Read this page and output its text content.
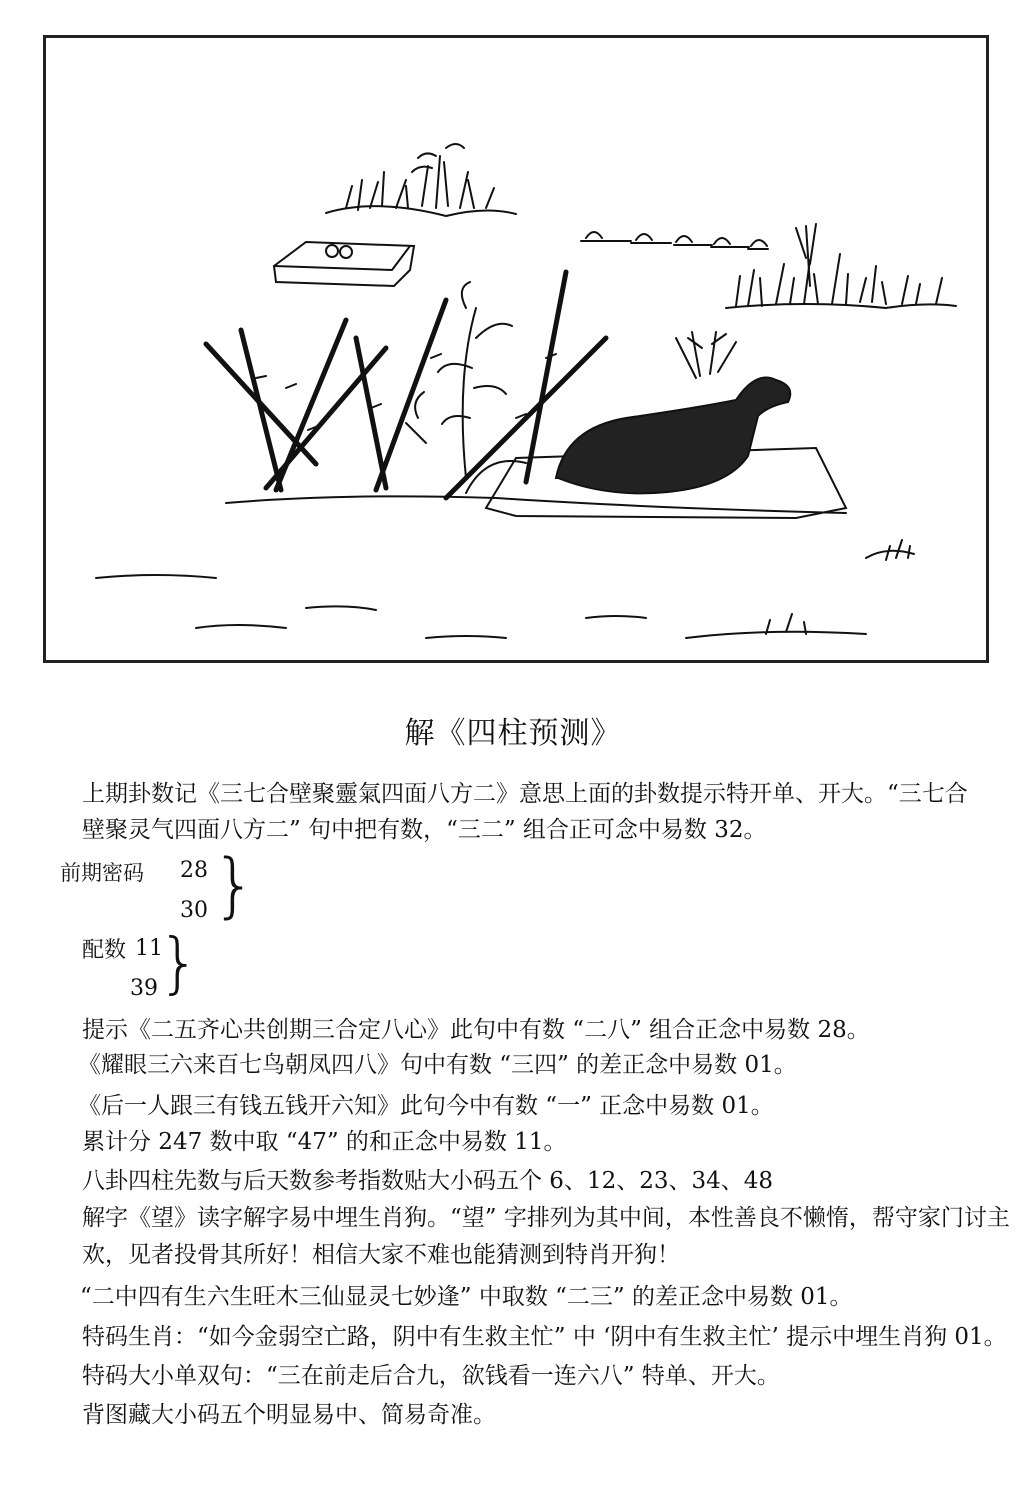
解《四柱预测》
上期卦数记《三七合壁聚靈氣四面八方二》意思上面的卦数提示特开单、开大。“三七合
壁聚灵气四面八方二” 句中把有数，“三二” 组合正可念中易数 32。
前期密码 28
30 }
配数 11
39 }
提示《二五齐心共创期三合定八心》此句中有数 “二八” 组合正念中易数 28。
《耀眼三六来百七鸟朝凤四八》句中有数 “三四” 的差正念中易数 01。
《后一人跟三有钱五钱开六知》此句今中有数 “一” 正念中易数 01。
累计分 247 数中取 “47” 的和正念中易数 11。
八卦四柱先数与后天数参考指数贴大小码五个 6、12、23、34、48
解字《望》读字解字易中埋生肖狗。“望” 字排列为其中间，本性善良不懒惰，帮守家门讨主
欢，见者投骨其所好！相信大家不难也能猜测到特肖开狗！
“二中四有生六生旺木三仙显灵七妙逢” 中取数 “二三” 的差正念中易数 01。
特码生肖：“如今金弱空亡路，阴中有生救主忙” 中 ‘阴中有生救主忙’ 提示中埋生肖狗 01。
特码大小单双句：“三在前走后合九，欲钱看一连六八” 特单、开大。
背图藏大小码五个明显易中、简易奇准。
